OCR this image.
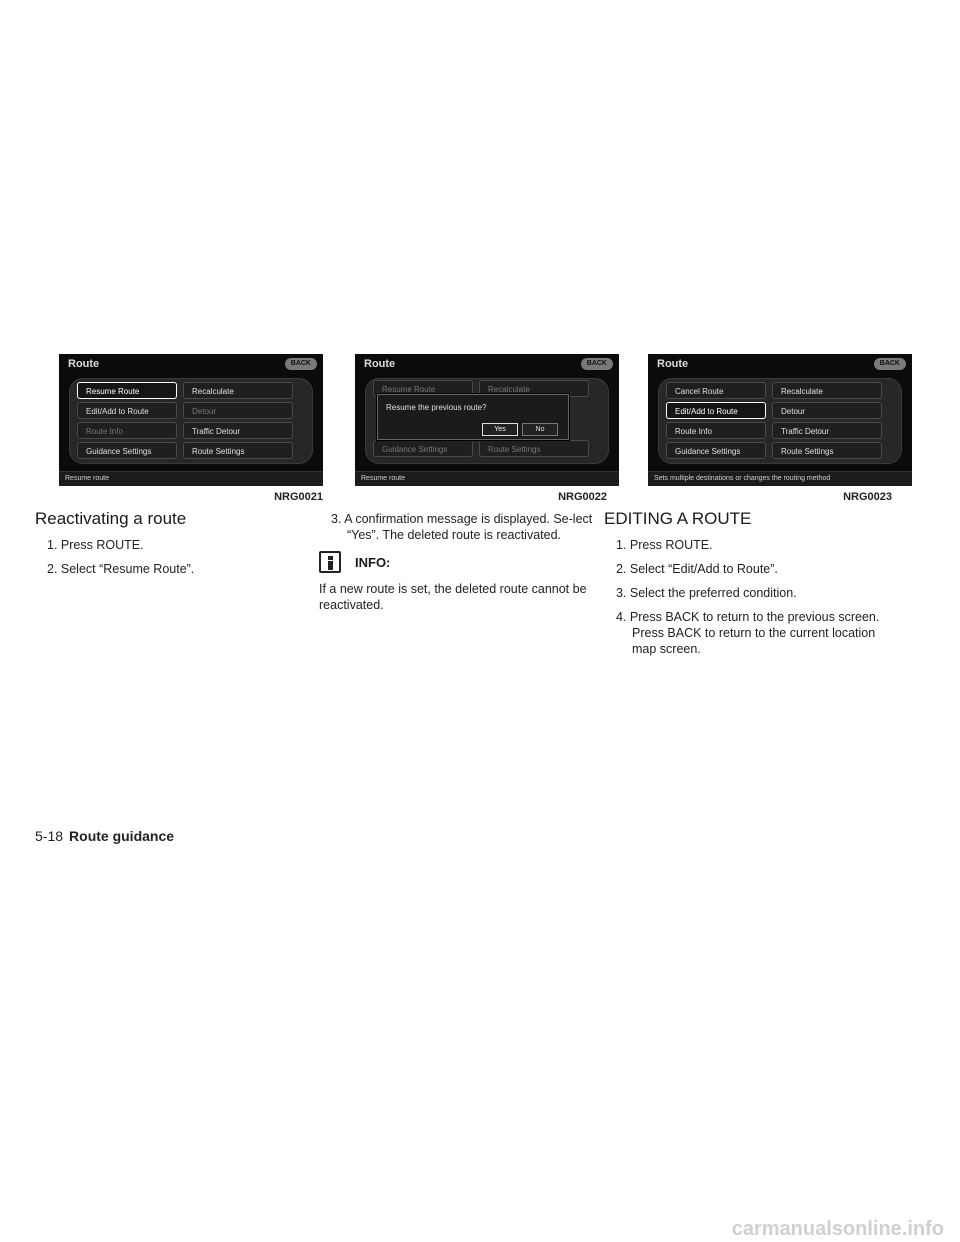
Route	BACK
Resume Route
Edit/Add to Route
Route Info
Guidance Settings
Recalculate
Detour
Traffic Detour
Route Settings
Resume route
NRG0021
Reactivating a route
1. Press ROUTE.
2. Select “Resume Route”.
Route	BACK
Resume Route	Recalculate
Guidance Settings	Route Settings
Resume the previous route?
Yes	No
Resume route
NRG0022
3. A confirmation message is displayed. Se-lect “Yes”. The deleted route is reactivated.
INFO:

If a new route is set, the deleted route cannot be reactivated.

Route	BACK
Cancel Route
Edit/Add to Route
Route Info
Guidance Settings
Recalculate
Detour
Traffic Detour
Route Settings
Sets multiple destinations or changes the routing method
NRG0023
EDITING A ROUTE
1. Press ROUTE.
2. Select “Edit/Add to Route”.
3. Select the preferred condition.
4. Press BACK to return to the previous screen. Press BACK to return to the current location map screen.
5-18 Route guidance
carmanualsonline.info
